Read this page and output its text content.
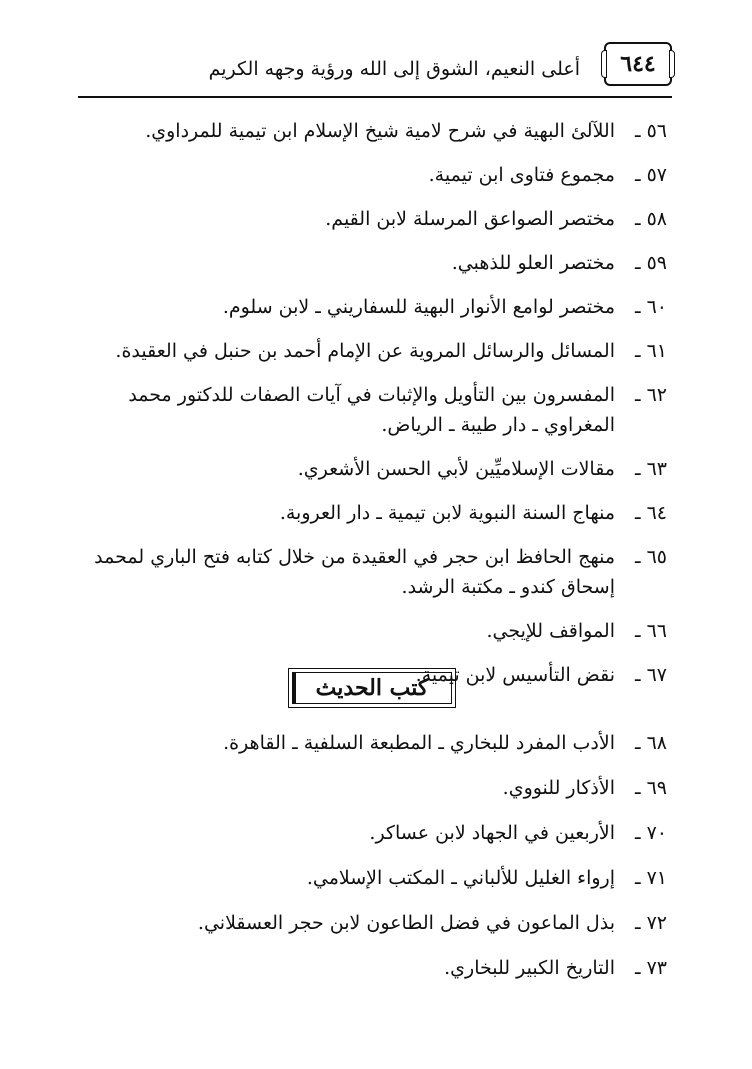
٦٤٤
أعلى النعيم، الشوق إلى الله ورؤية وجهه الكريم
٥٦ ـ
اللآلئ البهية في شرح لامية شيخ الإسلام ابن تيمية للمرداوي.
٥٧ ـ
مجموع فتاوى ابن تيمية.
٥٨ ـ
مختصر الصواعق المرسلة لابن القيم.
٥٩ ـ
مختصر العلو للذهبي.
٦٠ ـ
مختصر لوامع الأنوار البهية للسفاريني ـ لابن سلوم.
٦١ ـ
المسائل والرسائل المروية عن الإمام أحمد بن حنبل في العقيدة.
٦٢ ـ
المفسرون بين التأويل والإثبات في آيات الصفات للدكتور محمد المغراوي ـ دار طيبة ـ الرياض.
٦٣ ـ
مقالات الإسلاميِّين لأبي الحسن الأشعري.
٦٤ ـ
منهاج السنة النبوية لابن تيمية ـ دار العروبة.
٦٥ ـ
منهج الحافظ ابن حجر في العقيدة من خلال كتابه فتح الباري لمحمد إسحاق كندو ـ مكتبة الرشد.
٦٦ ـ
المواقف للإيجي.
٦٧ ـ
نقض التأسيس لابن تيمية.
كتب الحديث
٦٨ ـ
الأدب المفرد للبخاري ـ المطبعة السلفية ـ القاهرة.
٦٩ ـ
الأذكار للنووي.
٧٠ ـ
الأربعين في الجهاد لابن عساكر.
٧١ ـ
إرواء الغليل للألباني ـ المكتب الإسلامي.
٧٢ ـ
بذل الماعون في فضل الطاعون لابن حجر العسقلاني.
٧٣ ـ
التاريخ الكبير للبخاري.
